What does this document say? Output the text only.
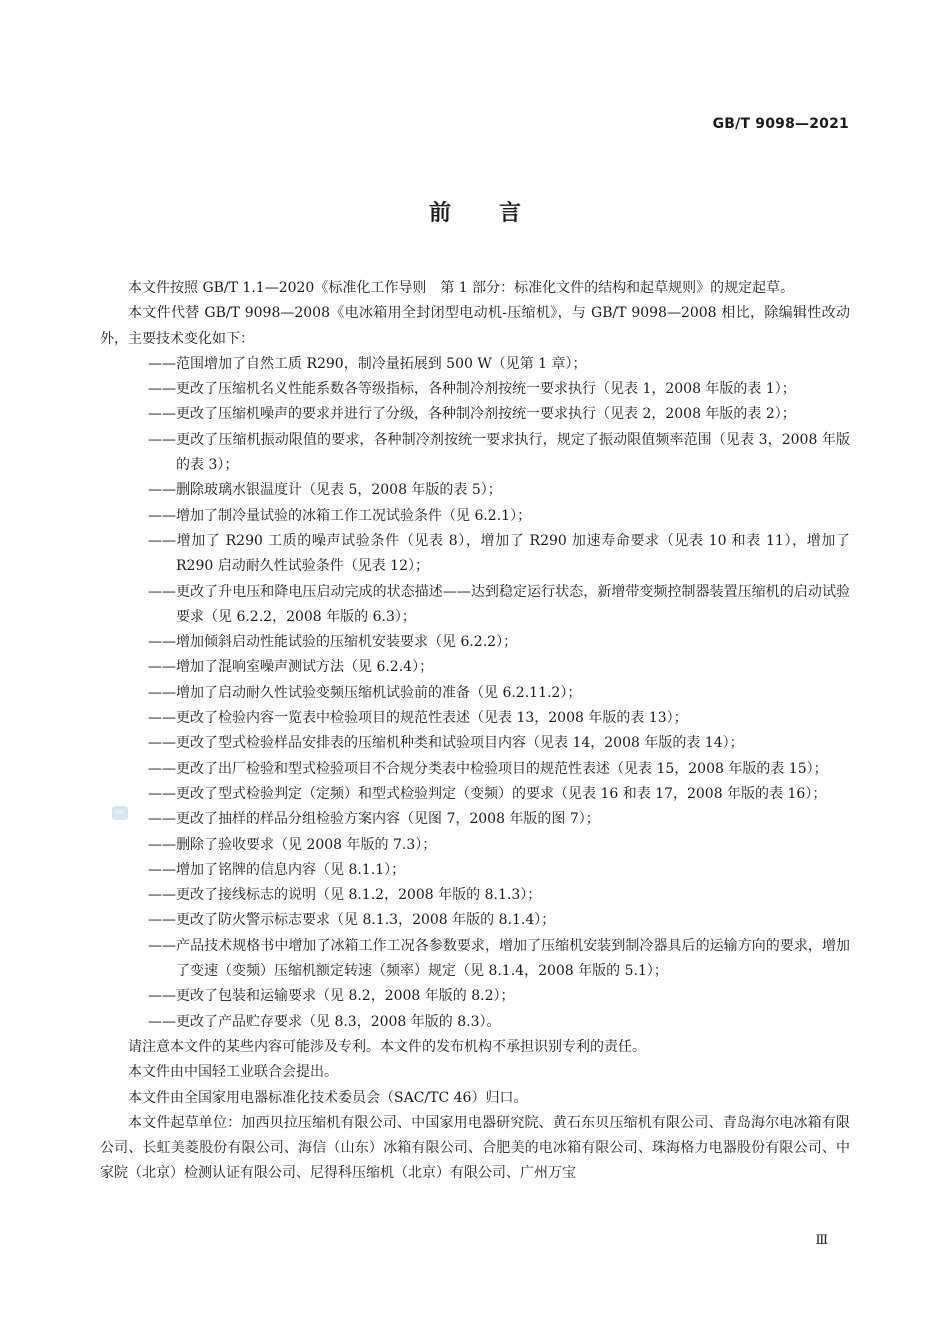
GB/T 9098—2021
前 言
SAC

本文件按照 GB/T 1.1—2020《标准化工作导则　第 1 部分：标准化文件的结构和起草规则》的规定起草。

本文件代替 GB/T 9098—2008《电冰箱用全封闭型电动机-压缩机》，与 GB/T 9098—2008 相比，除编辑性改动外，主要技术变化如下：

——范围增加了自然工质 R290，制冷量拓展到 500 W（见第 1 章）；

——更改了压缩机名义性能系数各等级指标，各种制冷剂按统一要求执行（见表 1，2008 年版的表 1）；

——更改了压缩机噪声的要求并进行了分级，各种制冷剂按统一要求执行（见表 2，2008 年版的表 2）；

——更改了压缩机振动限值的要求，各种制冷剂按统一要求执行，规定了振动限值频率范围（见表 3，2008 年版的表 3）；

——删除玻璃水银温度计（见表 5，2008 年版的表 5）；

——增加了制冷量试验的冰箱工作工况试验条件（见 6.2.1）；

——增加了 R290 工质的噪声试验条件（见表 8），增加了 R290 加速寿命要求（见表 10 和表 11），增加了 R290 启动耐久性试验条件（见表 12）；

——更改了升电压和降电压启动完成的状态描述——达到稳定运行状态，新增带变频控制器装置压缩机的启动试验要求（见 6.2.2，2008 年版的 6.3）；

——增加倾斜启动性能试验的压缩机安装要求（见 6.2.2）；

——增加了混响室噪声测试方法（见 6.2.4）；

——增加了启动耐久性试验变频压缩机试验前的准备（见 6.2.11.2）；

——更改了检验内容一览表中检验项目的规范性表述（见表 13，2008 年版的表 13）；

——更改了型式检验样品安排表的压缩机种类和试验项目内容（见表 14，2008 年版的表 14）；

——更改了出厂检验和型式检验项目不合规分类表中检验项目的规范性表述（见表 15，2008 年版的表 15）；

——更改了型式检验判定（定频）和型式检验判定（变频）的要求（见表 16 和表 17，2008 年版的表 16）；

——更改了抽样的样品分组检验方案内容（见图 7，2008 年版的图 7）；

——删除了验收要求（见 2008 年版的 7.3）；

——增加了铭牌的信息内容（见 8.1.1）；

——更改了接线标志的说明（见 8.1.2，2008 年版的 8.1.3）；

——更改了防火警示标志要求（见 8.1.3，2008 年版的 8.1.4）；

——产品技术规格书中增加了冰箱工作工况各参数要求，增加了压缩机安装到制冷器具后的运输方向的要求，增加了变速（变频）压缩机额定转速（频率）规定（见 8.1.4，2008 年版的 5.1）；

——更改了包装和运输要求（见 8.2，2008 年版的 8.2）；

——更改了产品贮存要求（见 8.3，2008 年版的 8.3）。

请注意本文件的某些内容可能涉及专利。本文件的发布机构不承担识别专利的责任。

本文件由中国轻工业联合会提出。

本文件由全国家用电器标准化技术委员会（SAC/TC 46）归口。

本文件起草单位：加西贝拉压缩机有限公司、中国家用电器研究院、黄石东贝压缩机有限公司、青岛海尔电冰箱有限公司、长虹美菱股份有限公司、海信（山东）冰箱有限公司、合肥美的电冰箱有限公司、珠海格力电器股份有限公司、中家院（北京）检测认证有限公司、尼得科压缩机（北京）有限公司、广州万宝

Ⅲ
